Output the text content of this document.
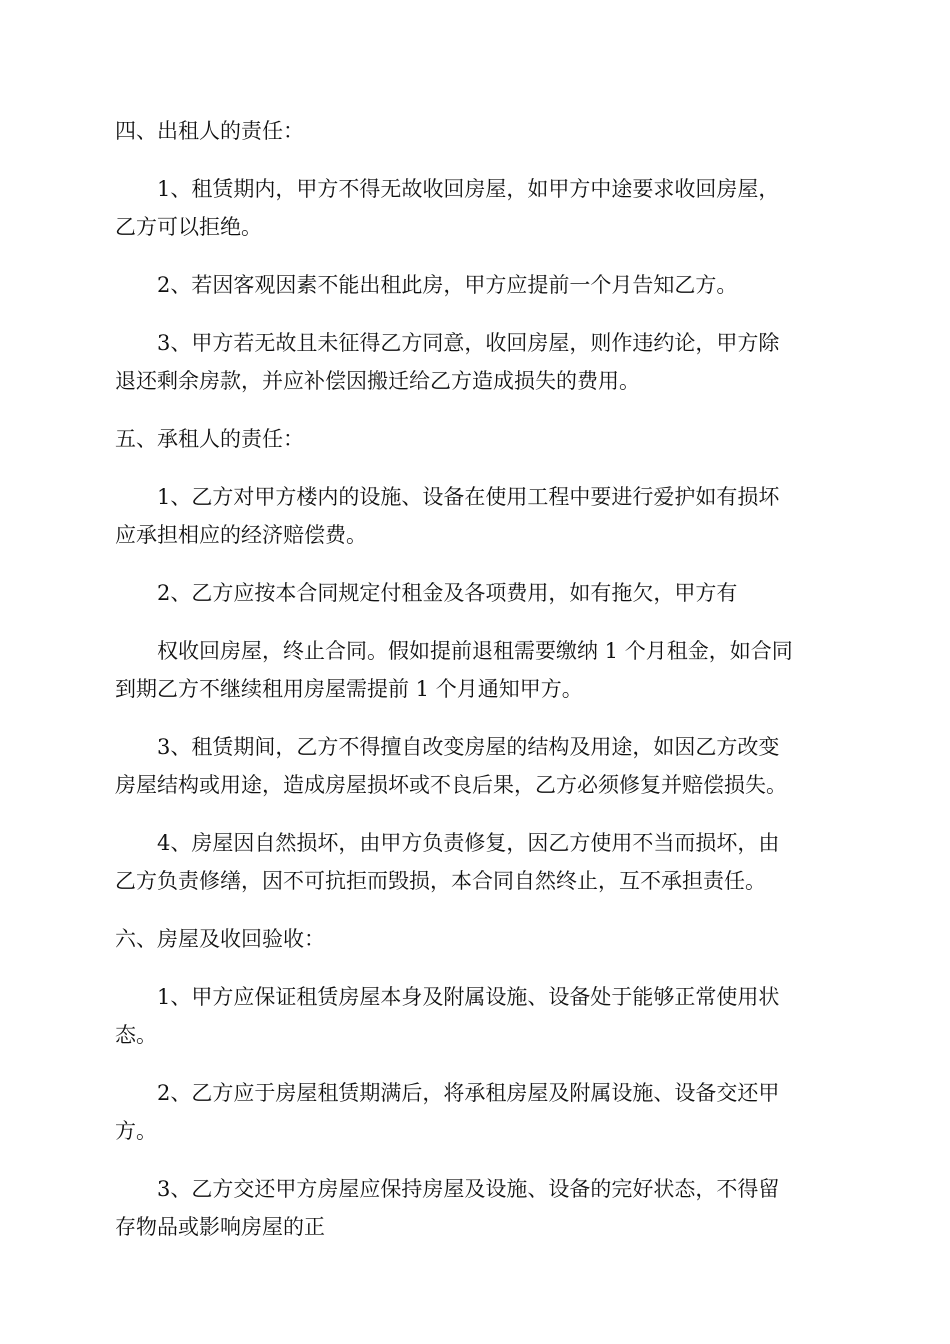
四、出租人的责任：
1、租赁期内，甲方不得无故收回房屋，如甲方中途要求收回房屋，
乙方可以拒绝。
2、若因客观因素不能出租此房，甲方应提前一个月告知乙方。
3、甲方若无故且未征得乙方同意，收回房屋，则作违约论，甲方除
退还剩余房款，并应补偿因搬迁给乙方造成损失的费用。
五、承租人的责任：
1、乙方对甲方楼内的设施、设备在使用工程中要进行爱护如有损坏
应承担相应的经济赔偿费。
2、乙方应按本合同规定付租金及各项费用，如有拖欠，甲方有
权收回房屋，终止合同。假如提前退租需要缴纳 1 个月租金，如合同
到期乙方不继续租用房屋需提前 1 个月通知甲方。
3、租赁期间，乙方不得擅自改变房屋的结构及用途，如因乙方改变
房屋结构或用途，造成房屋损坏或不良后果，乙方必须修复并赔偿损失。
4、房屋因自然损坏，由甲方负责修复，因乙方使用不当而损坏，由
乙方负责修缮，因不可抗拒而毁损，本合同自然终止，互不承担责任。
六、房屋及收回验收：
1、甲方应保证租赁房屋本身及附属设施、设备处于能够正常使用状
态。
2、乙方应于房屋租赁期满后，将承租房屋及附属设施、设备交还甲
方。
3、乙方交还甲方房屋应保持房屋及设施、设备的完好状态，不得留
存物品或影响房屋的正
